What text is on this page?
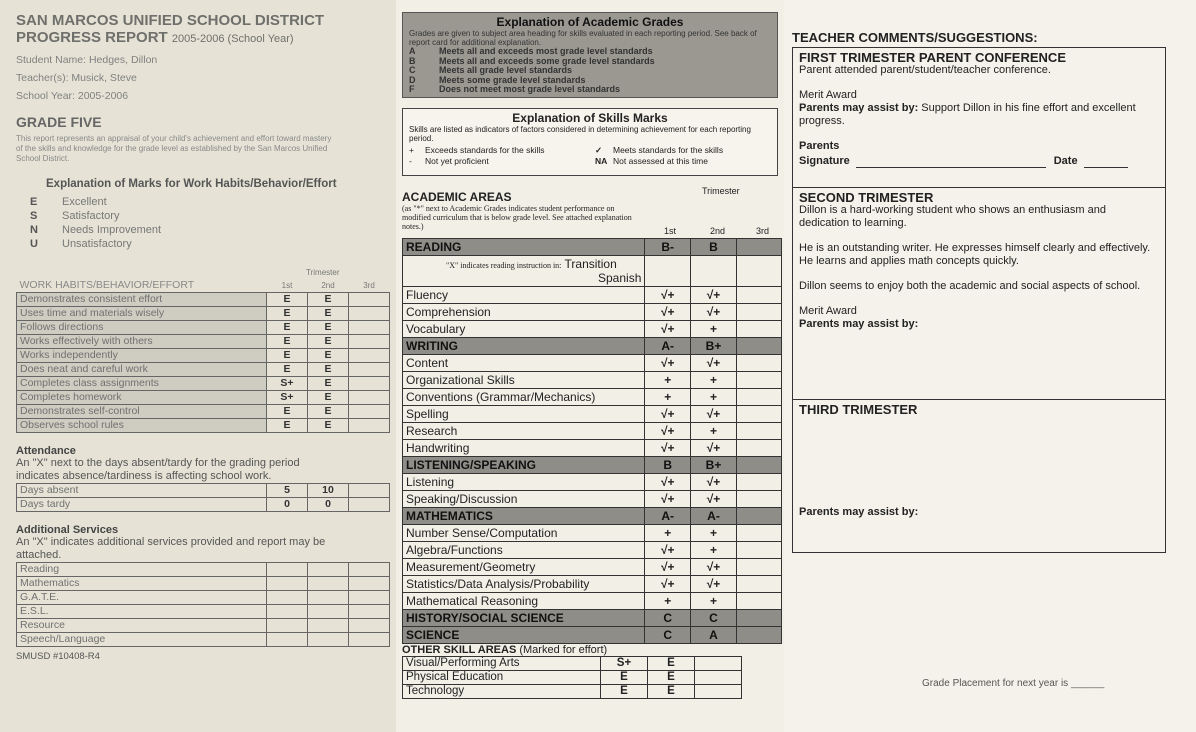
SAN MARCOS UNIFIED SCHOOL DISTRICT
PROGRESS REPORT 2005-2006 (School Year)
Student Name: Hedges, Dillon
Teacher(s): Musick, Steve
School Year: 2005-2006
GRADE FIVE
This report represents an appraisal of your child's achievement and effort toward mastery of the skills and knowledge for the grade level as established by the San Marcos Unified School District.
Explanation of Marks for Work Habits/Behavior/Effort
E Excellent
S Satisfactory
N Needs Improvement
U Unsatisfactory
Trimester
WORK HABITS/BEHAVIOR/EFFORT	1st	2nd	3rd
Demonstrates consistent effort	E	E	
Uses time and materials wisely	E	E	
Follows directions	E	E	
Works effectively with others	E	E	
Works independently	E	E	
Does neat and careful work	E	E	
Completes class assignments	S+	E	
Completes homework	S+	E	
Demonstrates self-control	E	E	
Observes school rules	E	E	
Attendance
An "X" next to the days absent/tardy for the grading period indicates absence/tardiness is affecting school work.
Days absent	5	10	
Days tardy	0	0	
Additional Services
An "X" indicates additional services provided and report may be attached.
Reading			
Mathematics			
G.A.T.E.			
E.S.L.			
Resource			
Speech/Language			
SMUSD #10408-R4
Explanation of Academic Grades
Grades are given to subject area heading for skills evaluated in each reporting period. See back of report card for additional explanation.
A	Meets all and exceeds most grade level standards
B	Meets all and exceeds some grade level standards
C	Meets all grade level standards
D	Meets some grade level standards
F	Does not meet most grade level standards
Explanation of Skills Marks
Skills are listed as indicators of factors considered in determining achievement for each reporting period.
+	Exceeds standards for the skills	✓	Meets standards for the skills
-	Not yet proficient	NA Not assessed at this time
ACADEMIC AREAS
(as "*" next to Academic Grades indicates student performance on modified curriculum that is below grade level. See attached explanation notes.)
Trimester
1st	2nd	3rd
READING	B-	B	
"X" indicates reading instruction in: Transition
Spanish			
Fluency	√+	√+	
Comprehension	√+	√+	
Vocabulary	√+	+	
WRITING	A-	B+	
Content	√+	√+	
Organizational Skills	+	+	
Conventions (Grammar/Mechanics)	+	+	
Spelling	√+	√+	
Research	√+	+	
Handwriting	√+	√+	
LISTENING/SPEAKING	B	B+	
Listening	√+	√+	
Speaking/Discussion	√+	√+	
MATHEMATICS	A-	A-	
Number Sense/Computation	+	+	
Algebra/Functions	√+	+	
Measurement/Geometry	√+	√+	
Statistics/Data Analysis/Probability	√+	√+	
Mathematical Reasoning	+	+	
HISTORY/SOCIAL SCIENCE	C	C	
SCIENCE	C	A	
OTHER SKILL AREAS (Marked for effort)
Visual/Performing Arts	S+	E	
Physical Education	E	E	
Technology	E	E	
TEACHER COMMENTS/SUGGESTIONS:
FIRST TRIMESTER PARENT CONFERENCE

Parent attended parent/student/teacher conference.

Merit Award

Parents may assist by: Support Dillon in his fine effort and excellent progress.

Parents

Signature	Date
SECOND TRIMESTER

Dillon is a hard-working student who shows an enthusiasm and dedication to learning.

He is an outstanding writer. He expresses himself clearly and effectively. He learns and applies math concepts quickly.

Dillon seems to enjoy both the academic and social aspects of school.

Merit Award

Parents may assist by:

THIRD TRIMESTER

Parents may assist by:

Grade Placement for next year is ______
